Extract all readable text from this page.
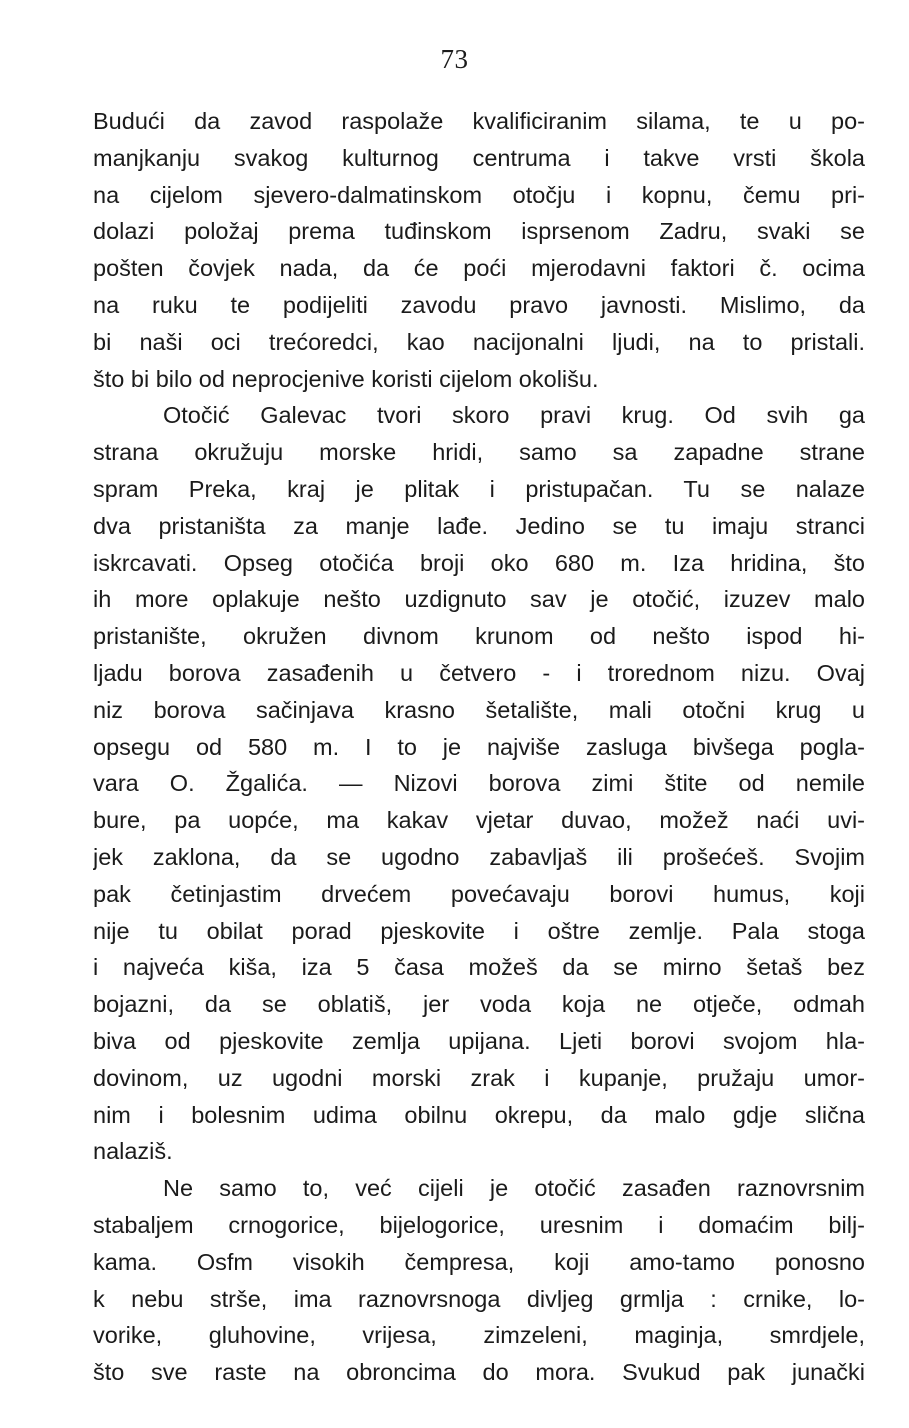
73
Budući da zavod raspolaže kvalificiranim silama, te u po-
manjkanju svakog kulturnog centruma i takve vrsti škola
na cijelom sjevero-dalmatinskom otočju i kopnu, čemu pri-
dolazi položaj prema tuđinskom isprsenom Zadru, svaki se
pošten čovjek nada, da će poći mjerodavni faktori č. ocima
na ruku te podijeliti zavodu pravo javnosti. Mislimo, da
bi naši oci trećoredci, kao nacijonalni ljudi, na to pristali.
što bi bilo od neprocjenive koristi cijelom okolišu.
Otočić Galevac tvori skoro pravi krug. Od svih ga
strana okružuju morske hridi, samo sa zapadne strane
spram Preka, kraj je plitak i pristupačan. Tu se nalaze
dva pristaništa za manje lađe. Jedino se tu imaju stranci
iskrcavati. Opseg otočića broji oko 680 m. Iza hridina, što
ih more oplakuje nešto uzdignuto sav je otočić, izuzev malo
pristanište, okružen divnom krunom od nešto ispod hi-
ljadu borova zasađenih u četvero - i trorednom nizu. Ovaj
niz borova sačinjava krasno šetalište, mali otočni krug u
opsegu od 580 m. I to je najviše zasluga bivšega pogla-
vara O. Žgalića. — Nizovi borova zimi štite od nemile
bure, pa uopće, ma kakav vjetar duvao, možež naći uvi-
jek zaklona, da se ugodno zabavljaš ili prošećeš. Svojim
pak četinjastim drvećem povećavaju borovi humus, koji
nije tu obilat porad pjeskovite i oštre zemlje. Pala stoga
i najveća kiša, iza 5 časa možeš da se mirno šetaš bez
bojazni, da se oblatiš, jer voda koja ne otječe, odmah
biva od pjeskovite zemlja upijana. Ljeti borovi svojom hla-
dovinom, uz ugodni morski zrak i kupanje, pružaju umor-
nim i bolesnim udima obilnu okrepu, da malo gdje slična
nalaziš.
Ne samo to, već cijeli je otočić zasađen raznovrsnim
stabaljem crnogorice, bijelogorice, uresnim i domaćim bilj-
kama. Osfm visokih čempresa, koji amo-tamo ponosno
k nebu strše, ima raznovrsnoga divljeg grmlja : crnike, lo-
vorike, gluhovine, vrijesa, zimzeleni, maginja, smrdjele,
što sve raste na obroncima do mora. Svukud pak junački
